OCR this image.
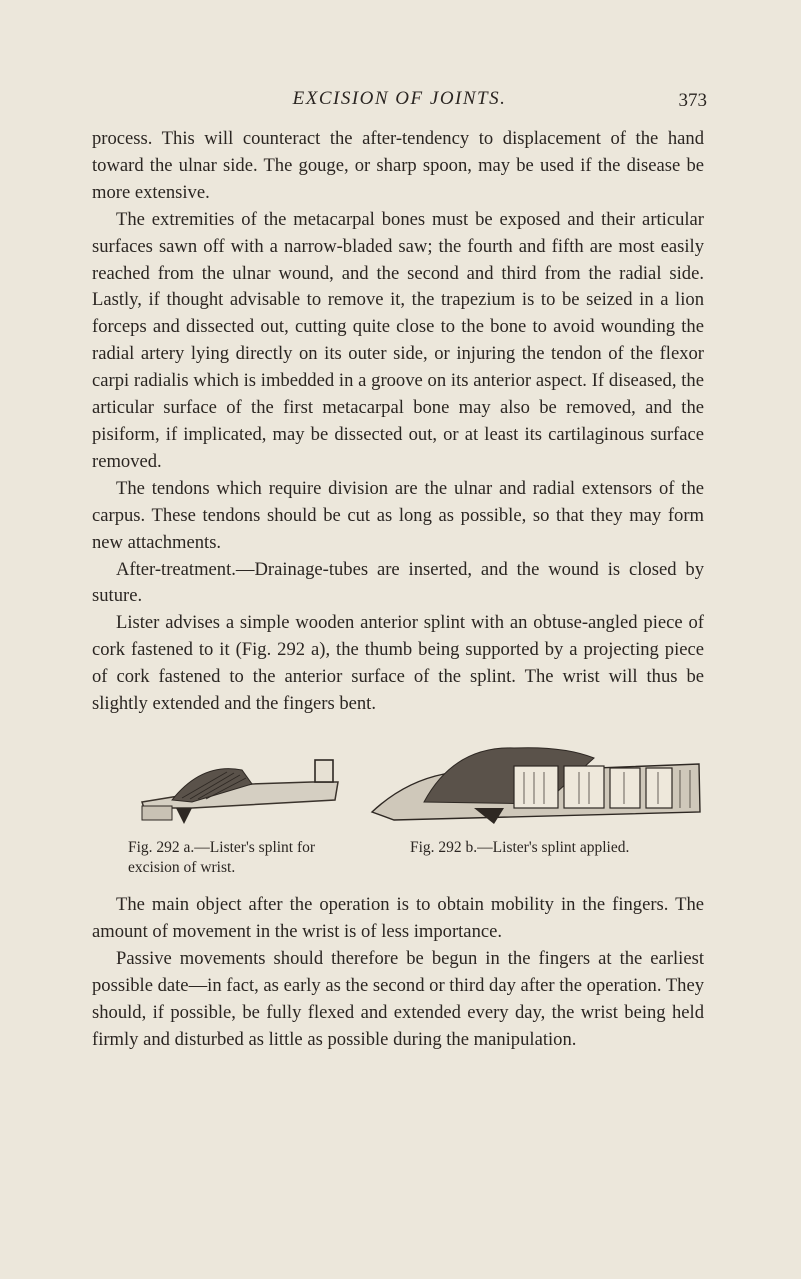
EXCISION OF JOINTS.	373

process. This will counteract the after-tendency to displacement of the hand toward the ulnar side. The gouge, or sharp spoon, may be used if the disease be more extensive.

The extremities of the metacarpal bones must be exposed and their articular surfaces sawn off with a narrow-bladed saw; the fourth and fifth are most easily reached from the ulnar wound, and the second and third from the radial side. Lastly, if thought advisable to remove it, the trapezium is to be seized in a lion forceps and dissected out, cutting quite close to the bone to avoid wounding the radial artery lying directly on its outer side, or injuring the tendon of the flexor carpi radialis which is imbedded in a groove on its anterior aspect. If diseased, the articular surface of the first metacarpal bone may also be removed, and the pisiform, if implicated, may be dissected out, or at least its cartilaginous surface removed.

The tendons which require division are the ulnar and radial extensors of the carpus. These tendons should be cut as long as possible, so that they may form new attachments.

After-treatment.—Drainage-tubes are inserted, and the wound is closed by suture.

Lister advises a simple wooden anterior splint with an obtuse-angled piece of cork fastened to it (Fig. 292 a), the thumb being supported by a projecting piece of cork fastened to the anterior surface of the splint. The wrist will thus be slightly extended and the fingers bent.

Fig. 292 a.—Lister's splint for excision of wrist.
Fig. 292 b.—Lister's splint applied.

The main object after the operation is to obtain mobility in the fingers. The amount of movement in the wrist is of less importance.

Passive movements should therefore be begun in the fingers at the earliest possible date—in fact, as early as the second or third day after the operation. They should, if possible, be fully flexed and extended every day, the wrist being held firmly and disturbed as little as possible during the manipulation.
